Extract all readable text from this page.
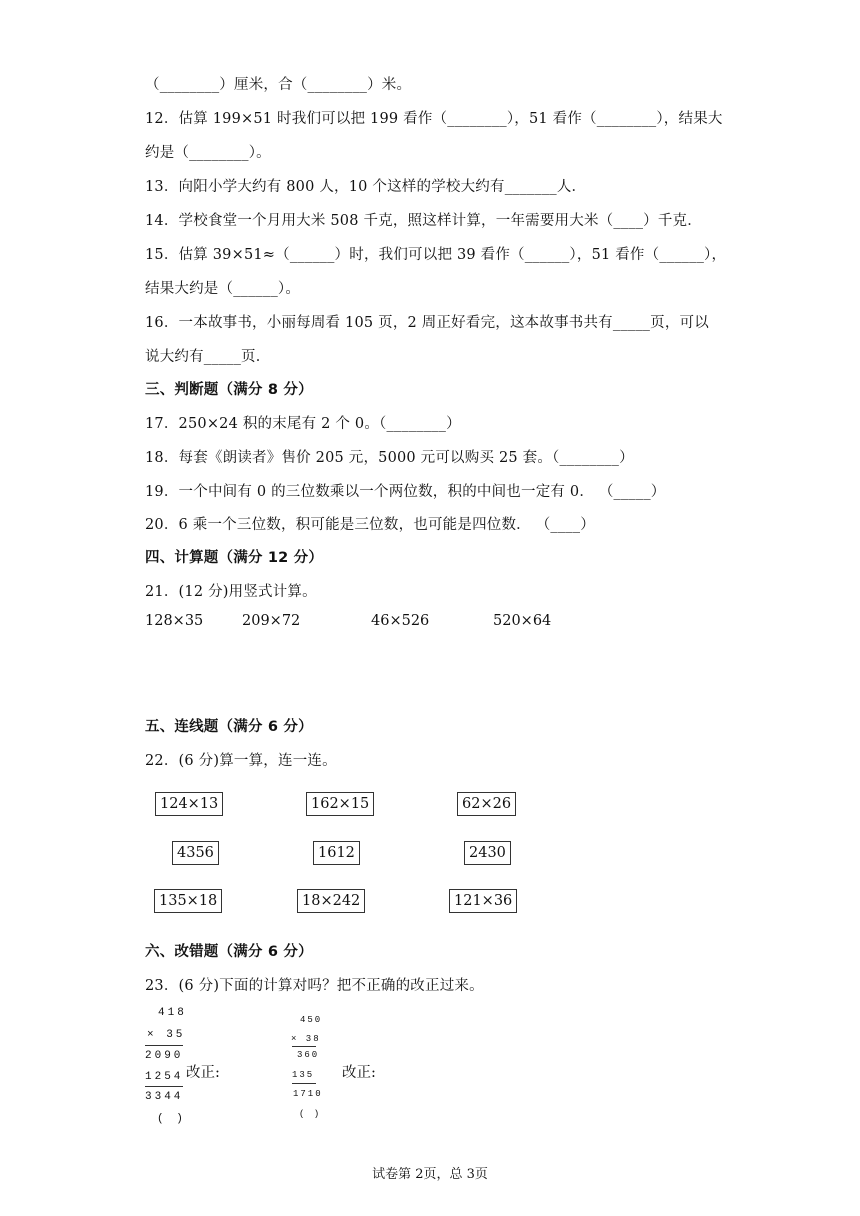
（________）厘米，合（________）米。
12．估算 199×51 时我们可以把 199 看作（________），51 看作（________），结果大
约是（________）。
13．向阳小学大约有 800 人，10 个这样的学校大约有_______人．
14．学校食堂一个月用大米 508 千克，照这样计算，一年需要用大米（____）千克．
15．估算 39×51≈（______）时，我们可以把 39 看作（______），51 看作（______），
结果大约是（______）。
16．一本故事书，小丽每周看 105 页，2 周正好看完，这本故事书共有_____页，可以
说大约有_____页．
三、判断题（满分 8 分）
17．250×24 积的末尾有 2 个 0。（________）
18．每套《朗读者》售价 205 元，5000 元可以购买 25 套。（________）
19．一个中间有 0 的三位数乘以一个两位数，积的中间也一定有 0． （_____）
20．6 乘一个三位数，积可能是三位数，也可能是四位数． （____）
四、计算题（满分 12 分）
21．(12 分)用竖式计算。
128×35	209×72	46×526	520×64
五、连线题（满分 6 分）
22．(6 分)算一算，连一连。
124×13	162×15	62×26
4356	1612	2430
135×18	18×242	121×36
六、改错题（满分 6 分）
23．(6 分)下面的计算对吗？把不正确的改正过来。
418
× 35
2090
1254
3344
( )
改正:
450
× 38
360
135
1710
( )
改正:
试卷第 2页，总 3页
